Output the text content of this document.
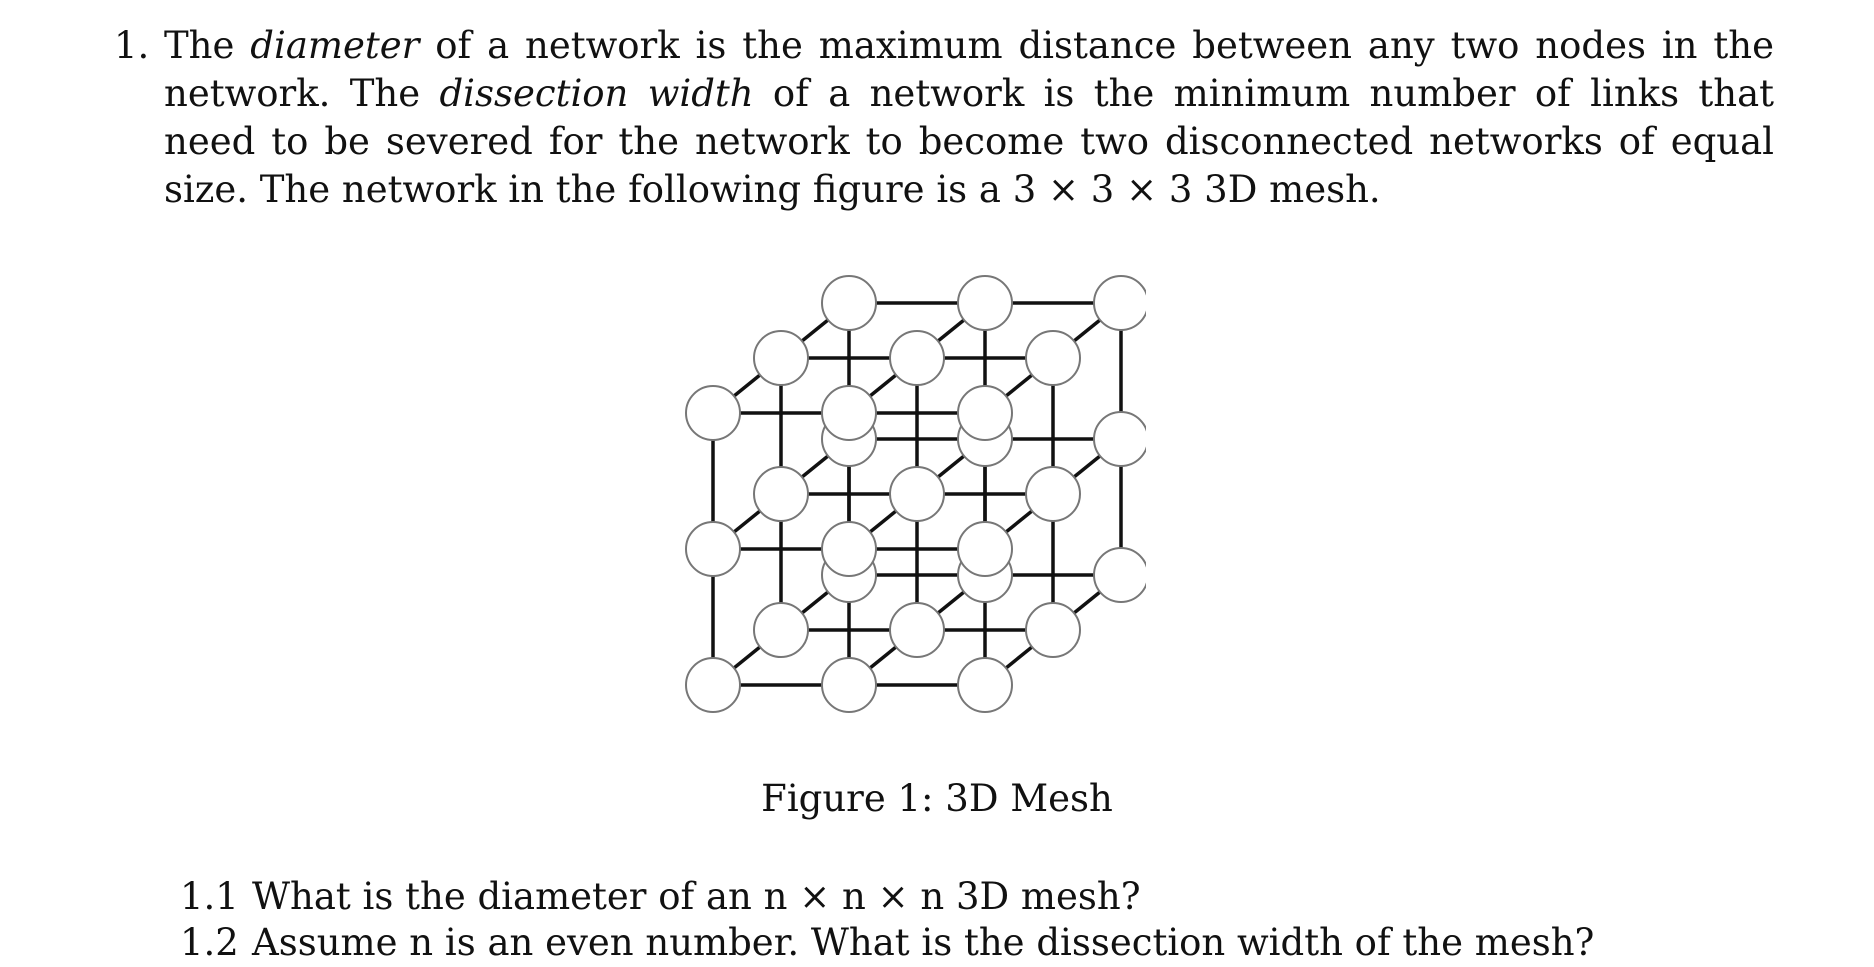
1. The diameter of a network is the maximum distance between any two nodes in the network. The dissection width of a network is the minimum number of links that need to be severed for the network to become two disconnected networks of equal size. The network in the following figure is a 3 × 3 × 3 3D mesh.
Figure 1: 3D Mesh
1.1 What is the diameter of an n × n × n 3D mesh?
1.2 Assume n is an even number. What is the dissection width of the mesh?
